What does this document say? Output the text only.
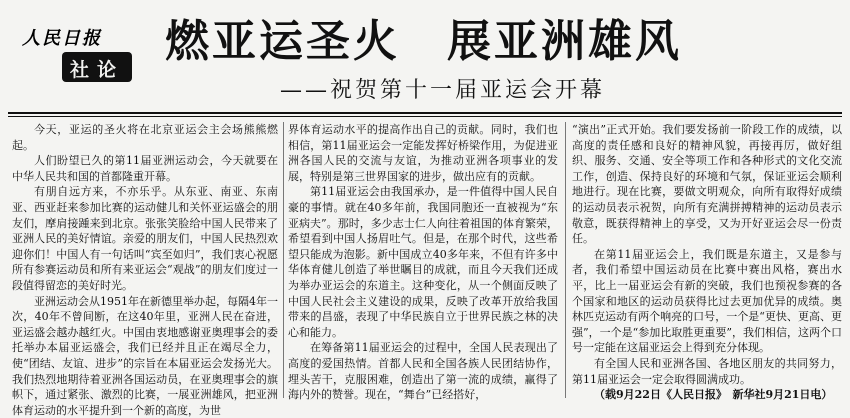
人民日报
社论
燃亚运圣火　展亚洲雄风
——祝贺第十一届亚运会开幕

今天，亚运的圣火将在北京亚运会主会场熊熊燃起。

人们盼望已久的第11届亚洲运动会，今天就要在中华人民共和国的首都隆重开幕。

有朋自远方来，不亦乐乎。从东亚、南亚、东南亚、西亚赶来参加比赛的运动健儿和关怀亚运盛会的朋友们，摩肩接踵来到北京。张张笑脸给中国人民带来了亚洲人民的美好情谊。亲爱的朋友们，中国人民热烈欢迎你们！中国人有一句话叫“宾至如归”，我们衷心祝愿所有参赛运动员和所有来亚运会“观战”的朋友们度过一段值得留恋的美好时光。

亚洲运动会从1951年在新德里举办起，每隔4年一次，40年不曾间断，在这40年里，亚洲人民在奋进，亚运盛会越办越红火。中国由衷地感谢亚奥理事会的委托举办本届亚运盛会，我们已经并且正在竭尽全力，使“团结、友谊、进步”的宗旨在本届亚运会发扬光大。我们热烈地期待着亚洲各国运动员，在亚奥理事会的旗帜下，通过紧张、激烈的比赛，一展亚洲雄风，把亚洲体育运动的水平提升到一个新的高度，为世

界体育运动水平的提高作出自己的贡献。同时，我们也相信，第11届亚运会一定能发挥好桥梁作用，为促进亚洲各国人民的交流与友谊，为推动亚洲各项事业的发展，特别是第三世界国家的进步，做出应有的贡献。

第11届亚运会由我国承办，是一件值得中国人民自豪的事情。就在40多年前，我国同胞还一直被视为“东亚病夫”。那时，多少志士仁人向往着祖国的体育繁荣，希望看到中国人扬眉吐气。但是，在那个时代，这些希望只能成为泡影。新中国成立40多年来，不但有许多中华体育健儿创造了举世瞩目的成就，而且今天我们还成为举办亚运会的东道主。这种变化，从一个侧面反映了中国人民社会主义建设的成果，反映了改革开放给我国带来的昌盛，表现了中华民族自立于世界民族之林的决心和能力。

在筹备第11届亚运会的过程中，全国人民表现出了高度的爱国热情。首都人民和全国各族人民团结协作，埋头苦干，克服困难，创造出了第一流的成绩，赢得了海内外的赞誉。现在，“舞台”已经搭好，

“演出”正式开始。我们要发扬前一阶段工作的成绩，以高度的责任感和良好的精神风貌，再接再厉，做好组织、服务、交通、安全等项工作和各种形式的文化交流工作，创造、保持良好的环境和气氛，保证亚运会顺利地进行。现在比赛，要做文明观众，向所有取得好成绩的运动员表示祝贺，向所有充满拼搏精神的运动员表示敬意，既获得精神上的享受，又为开好亚运会尽一份责任。

在第11届亚运会上，我们既是东道主，又是参与者，我们希望中国运动员在比赛中赛出风格，赛出水平，比上一届亚运会有新的突破，我们也预祝参赛的各个国家和地区的运动员获得比过去更加优异的成绩。奥林匹克运动有两个响亮的口号，一个是“更快、更高、更强”，一个是“参加比取胜更重要”，我们相信，这两个口号一定能在这届亚运会上得到充分体现。

有全国人民和亚洲各国、各地区朋友的共同努力，第11届亚运会一定会取得圆满成功。

（载9月22日《人民日报》　新华社9月21日电）
